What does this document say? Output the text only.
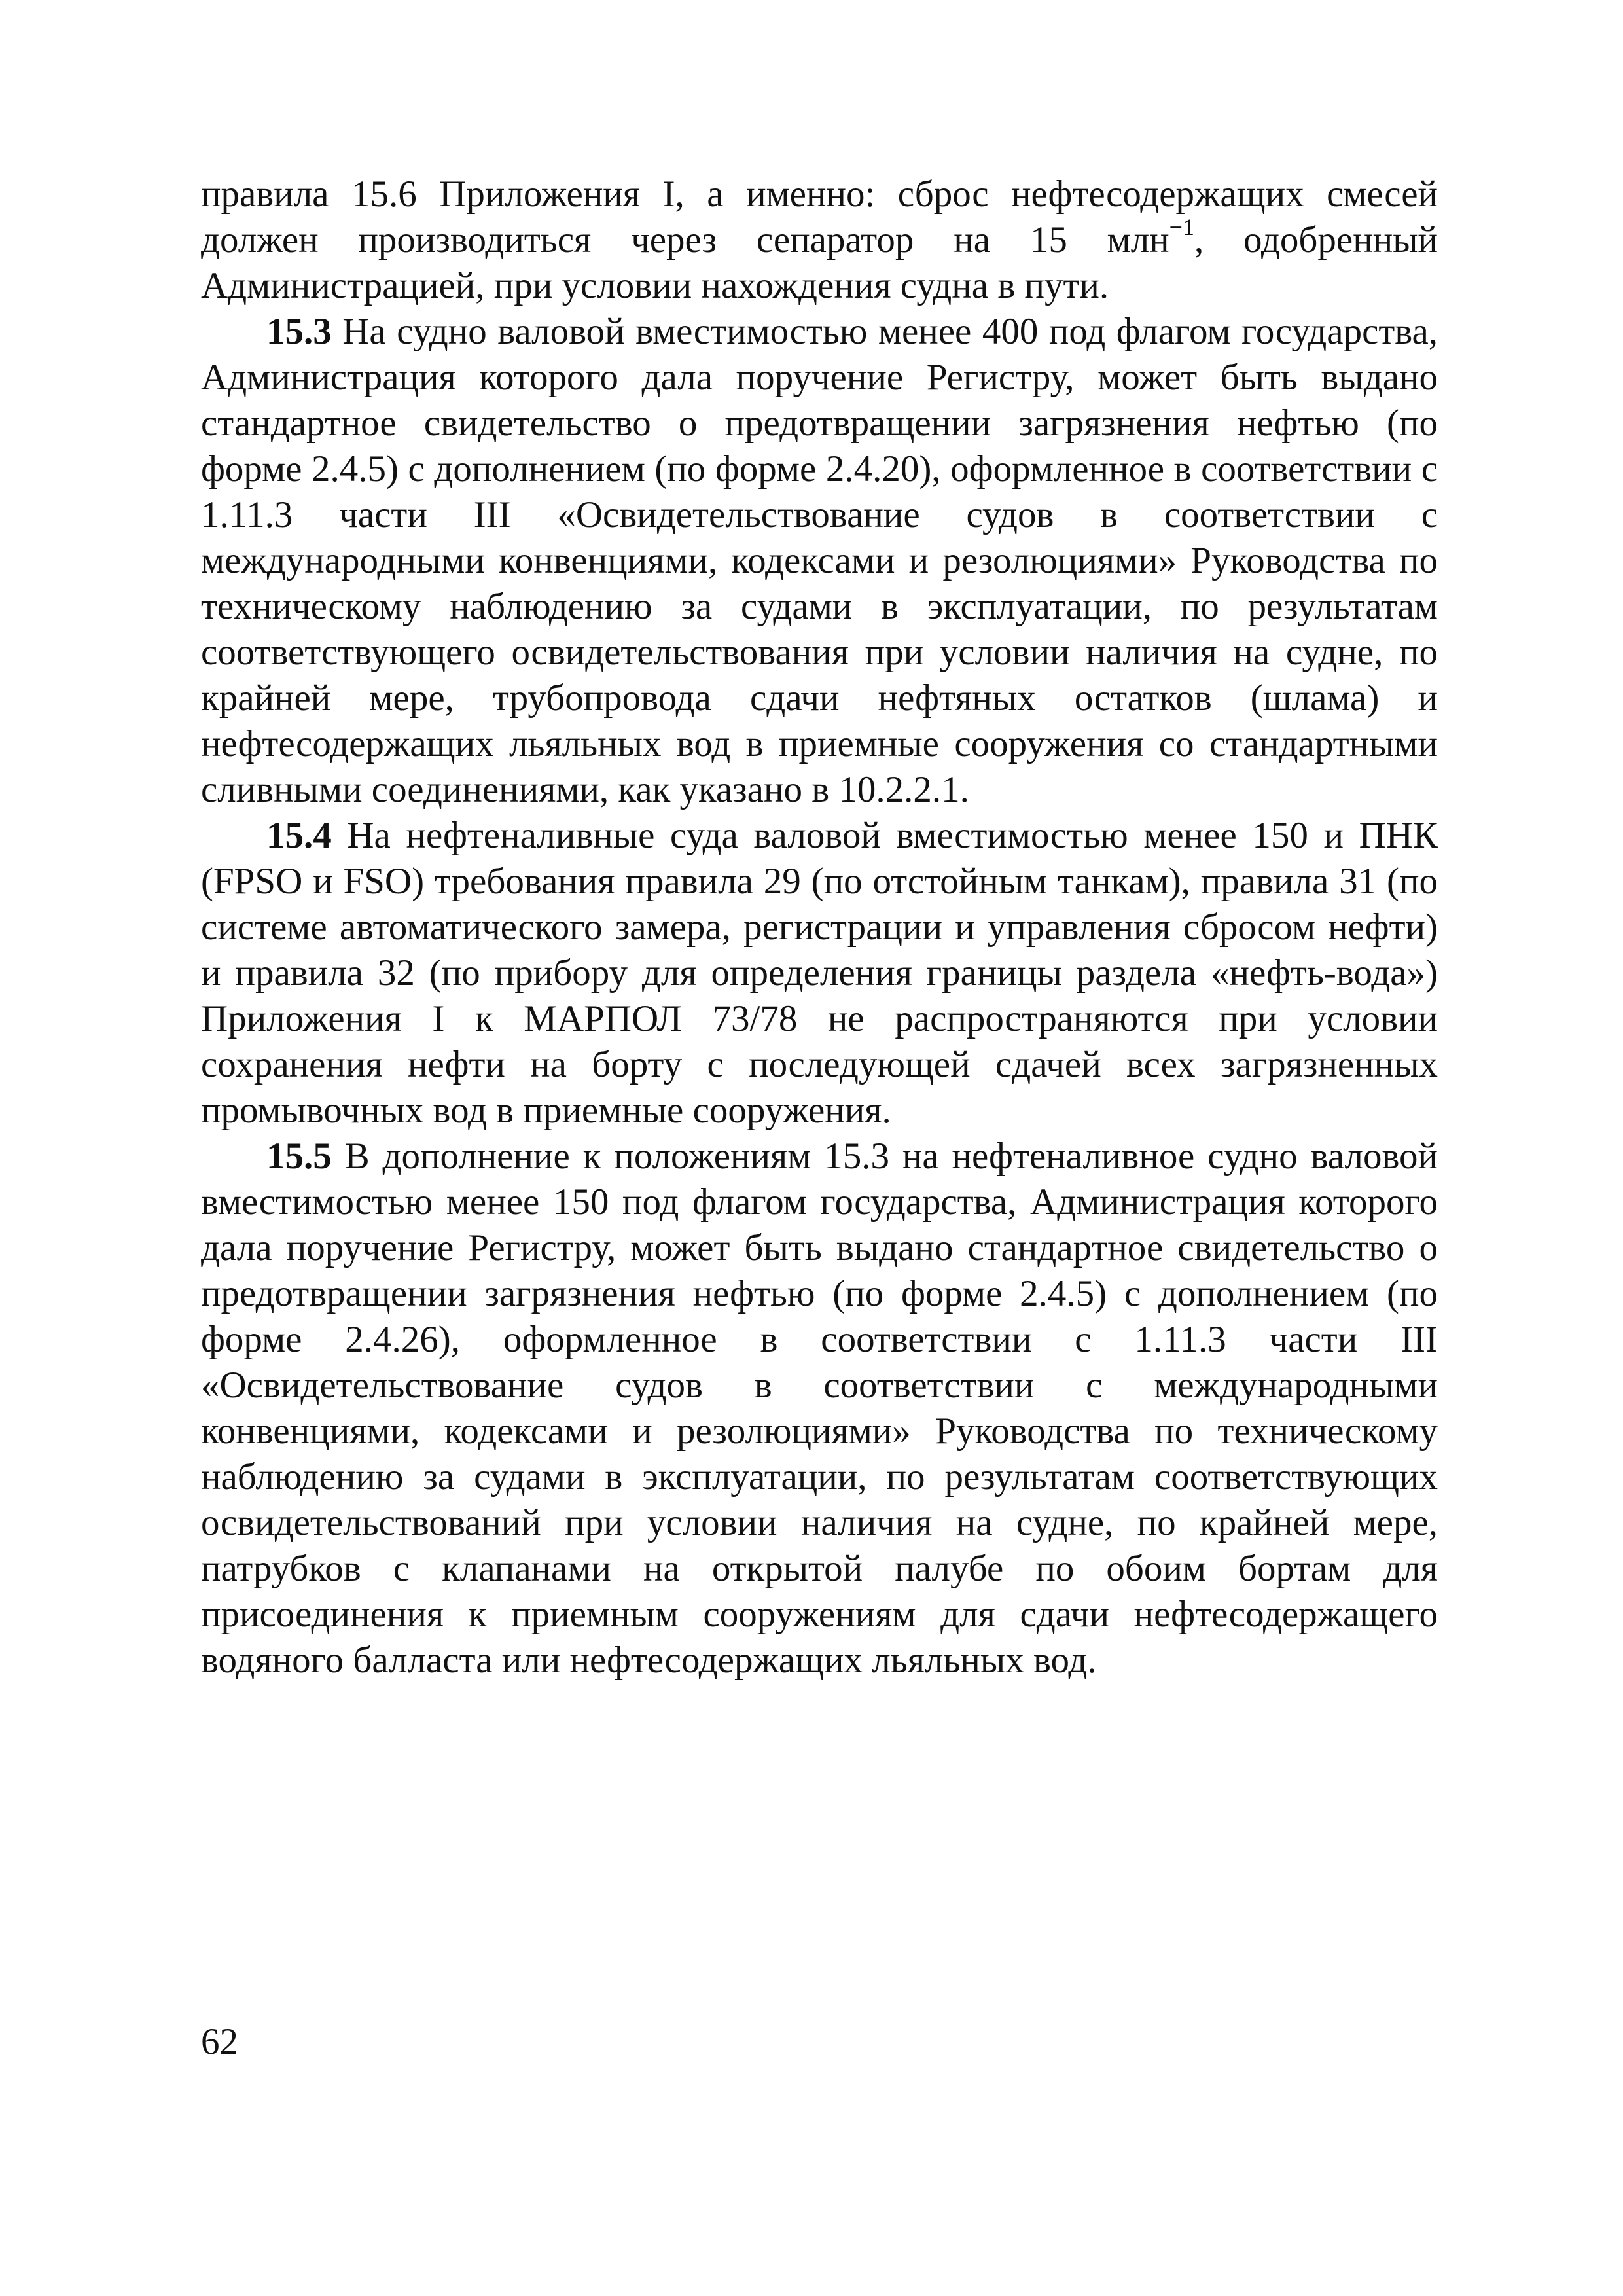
правила 15.6 Приложения I, а именно: сброс нефтесодержащих смесей должен производиться через сепаратор на 15 млн$^{-1}$, одобренный Администрацией, при условии нахождения судна в пути.

15.3 На судно валовой вместимостью менее 400 под флагом государства, Администрация которого дала поручение Регистру, может быть выдано стандартное свидетельство о предотвращении загрязнения нефтью (по форме 2.4.5) с дополнением (по форме 2.4.20), оформленное в соответствии с 1.11.3 части III «Освидетельствование судов в соответствии с международными конвенциями, кодексами и резолюциями» Руководства по техническому наблюдению за судами в эксплуатации, по результатам соответствующего освидетельствования при условии наличия на судне, по крайней мере, трубопровода сдачи нефтяных остатков (шлама) и нефтесодержащих льяльных вод в приемные сооружения со стандартными сливными соединениями, как указано в 10.2.2.1.

15.4 На нефтеналивные суда валовой вместимостью менее 150 и ПНК (FPSO и FSO) требования правила 29 (по отстойным танкам), правила 31 (по системе автоматического замера, регистрации и управления сбросом нефти) и правила 32 (по прибору для определения границы раздела «нефть-вода») Приложения I к МАРПОЛ 73/78 не распространяются при условии сохранения нефти на борту с последующей сдачей всех загрязненных промывочных вод в приемные сооружения.

15.5 В дополнение к положениям 15.3 на нефтеналивное судно валовой вместимостью менее 150 под флагом государства, Администрация которого дала поручение Регистру, может быть выдано стандартное свидетельство о предотвращении загрязнения нефтью (по форме 2.4.5) с дополнением (по форме 2.4.26), оформленное в соответствии с 1.11.3 части III «Освидетельствование судов в соответствии с международными конвенциями, кодексами и резолюциями» Руководства по техническому наблюдению за судами в эксплуатации, по результатам соответствующих освидетельствований при условии наличия на судне, по крайней мере, патрубков с клапанами на открытой палубе по обоим бортам для присоединения к приемным сооружениям для сдачи нефтесодержащего водяного балласта или нефтесодержащих льяльных вод.

62
